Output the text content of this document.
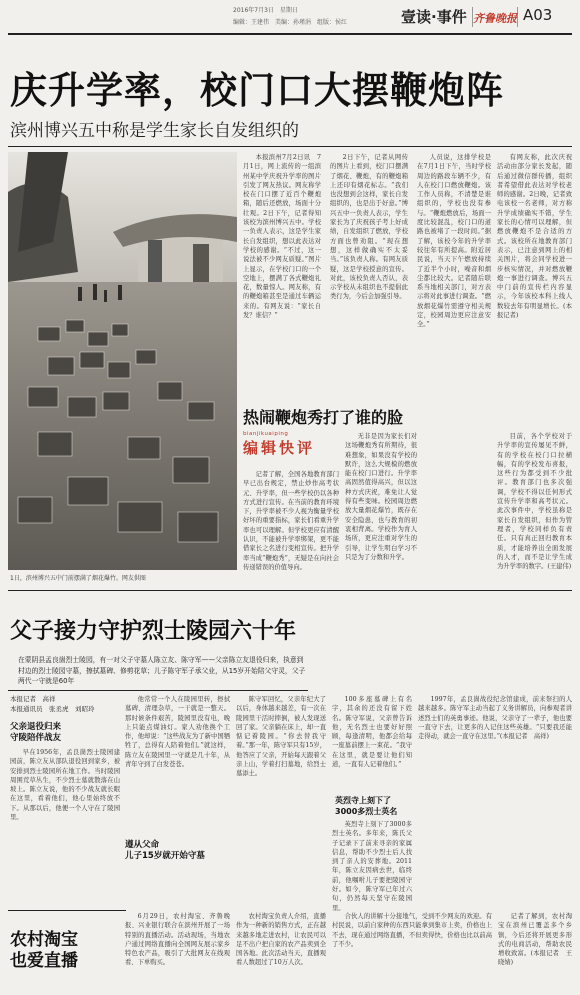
2016年7月3日　星期日
编辑：王建伟　美编：孙瑾涓　组版：侯红	壹读·事件 齐鲁晚报 A03
庆升学率，校门口大摆鞭炮阵
滨州博兴五中称是学生家长自发组织的
1日，滨州博兴五中门前摆满了烟花爆竹。网友供图

本报滨州7月2日讯　7月1日，网上流传的一组滨州某中学庆祝升学率的图片引发了网友热议。网友称学校在门口摆了近百个鞭炮箱，随后还燃放，场面十分壮观。2日下午，记者得知该校为滨州博兴五中。学校一负责人表示，这是学生家长自发组织，想以此表达对学校的感谢。“不过，这一说法被不少网友质疑。”图片上显示，在学校门口的一个空地上，摆满了各式鞭炮礼花，数量惊人。网友称，有的鞭炮箱甚至是通过车辆运来的。有网友说：“家长自发？谁信？”

2日下午，记者从网传的图片上看到，校门口摆满了烟花、鞭炮，有的鞭炮箱上还印有烟花标志。“我们也没想到会这样，家长自发组织的，也是出于好意。”博兴五中一负责人表示，学生家长为了庆祝孩子考上好成绩，自发组织了燃放，学校方面也曾劝阻。“现在想想，这样做确实不太妥当。”该负责人称。有网友质疑，这是学校授意的宣传。对此，该校负责人否认，表示学校从未组织也不提倡此类行为，今后会加强引导。

人员说，这排学校是在7月1日下午，当时学校周边的路段车辆不少，有人在校门口燃放鞭炮。该工作人员称，不清楚是谁组织的，学校也没有参与。“鞭炮燃放后，场面一度比较混乱，校门口的道路也被堵了一段时间。”据了解，该校今年的升学率较往年有所提高。附近居民说，当天下午燃放持续了近半个小时，噪音和烟尘都比较大。记者随后联系当地相关部门，对方表示将对此事进行调查。“燃放烟花爆竹需遵守相关规定，校园周边更应注意安全。”

有网友称，此次庆祝活动由部分家长发起，随后通过微信群传播，组织者希望借此表达对学校老师的感谢。2日晚，记者致电该校一名老师，对方称升学成绩确实不错，学生家长的心情可以理解，但燃放鞭炮不是合适的方式。该校所在地教育部门表示，已注意到网上的相关图片，将会同学校进一步核实情况，并对燃放鞭炮一事进行调查。博兴五中门前的宣传栏内容显示，今年该校本科上线人数较去年有明显增长。(本报记者)

热闹鞭炮秀打了谁的脸
bianjikuaiping
编辑快评

无非是因为家长们对这场鞭炮秀有所期待，很难想象，如果没有学校的默许，这么大规模的燃放能在校门口进行。升学率高固然值得高兴，但以这种方式庆祝，难免让人觉得有些变味。校园周边燃放大量烟花爆竹，既存在安全隐患，也与教育的初衷相背离。学校作为育人场所，更应注重对学生的引导，让学生明白学习不只是为了分数和升学。

记者了解，全国各地教育部门早已出台规定，禁止炒作高考状元、升学率，但一些学校仍以各种方式进行宣传。在当前的教育环境下，升学率被不少人视为衡量学校好坏的重要指标，家长们看重升学率也可以理解。但学校更应有清醒认识，不能被升学率绑架，更不能借家长之名进行变相宣传。把升学率当成“鞭炮秀”，无疑是在向社会传递错误的价值导向。

目前，各个学校对于升学率的宣传屡见不鲜，有的学校在校门口拉横幅，有的学校发布喜报，这些行为都受到不少批评。教育部门也多次强调，学校不得以任何形式宣传升学率和高考状元。此次事件中，学校虽称是家长自发组织，但作为管理者，学校同样负有责任。只有真正回归教育本质，才能培养出全面发展的人才，而不是让学生成为升学率的数字。(王建伟)

父子接力守护烈士陵园六十年
在蒙阴县孟良崮烈士陵园，有一对父子守墓人陈立友、陈守军——父亲陈立友退役归来，执意到村边的烈士陵园守墓，擦拭墓碑、修剪花草；儿子陈守军子承父业，从15岁开始陪父守灵，父子两代一守就是60年
本报记者　高祥
本报通讯员　张丞虎　刘昭玲
父亲退役归来
守陵陪伴战友

早在1956年，孟良崮烈士陵园建园前，陈立友从部队退役回到家乡，被安排到烈士陵园所在地工作。当时陵园周围荒草丛生，不少烈士墓就散落在山坡上。陈立友说，他的不少战友就长眠在这里，看着他们，他心里始终放不下。从那以后，他便一个人守在了陵园里。

他常常一个人在陵园里转，擦拭墓碑、清理杂草，一干就是一整天。那时候条件艰苦，陵园里没有电，晚上只能点煤油灯。家人劝他换个工作，他却说：“这些战友为了新中国牺牲了，总得有人陪着他们。”就这样，陈立友在陵园里一守就是几十年，从青年守到了白发苍苍。

遵从父命
儿子15岁就开始守墓

陈守军回忆，父亲年纪大了以后，身体越来越差，有一次在陵园里干活时摔倒，被人发现送回了家。父亲躺在床上，却一直惦记着陵园。“你去替我守着。”那一年，陈守军只有15岁，他答应了父亲，开始每天跟着父亲上山，学着打扫墓地，给烈士墓添土。

100多座墓碑上有名字，其余的还没有留下姓名。陈守军说，父亲曾告诉他，无名烈士也要好好照顾，每逢清明，他都会给每一座墓前摆上一束花。“我守在这里，就是要让他们知道，一直有人记着他们。”

英烈寺上刻下了
3000多烈士英名

英烈寺上刻下了3000多烈士英名。多年来，陈氏父子记录下了前来寻亲的家属信息，帮助不少烈士后人找到了亲人的安葬地。2011年，陈立友因病去世，临终前，他嘱咐儿子要把陵园守好。如今，陈守军已年过六旬，仍然每天坚守在陵园里。

1997年，孟良崮战役纪念馆建成，前来祭扫的人越来越多。陈守军主动当起了义务讲解员，向参观者讲述烈士们的英勇事迹。他说，父亲守了一辈子，他也要一直守下去，让更多的人记住这些英雄。“只要我还能走得动，就会一直守在这里。”(本报记者　高祥)

农村淘宝
也爱直播

6月29日，农村淘宝、齐鲁晚报、兴业银行联合在滨州开展了一场特别的直播活动。活动现场，当地农户通过网络直播向全国网友展示家乡特色农产品，吸引了大批网友在线观看、下单购买。

农村淘宝负责人介绍，直播作为一种新的销售方式，正在越来越多地走进农村，让农民可以足不出户把自家的农产品卖到全国各地。此次活动当天，直播观看人数超过了10万人次。

合伙人的讲解十分接地气，受到不少网友的欢迎。有村民说，以前自家种的东西只能拿到集市上卖，价格也上不去，现在通过网络直播，不但卖得快，价格也比以前高了不少。

记者了解到，农村淘宝在滨州已覆盖多个乡镇，今后还将开展更多形式的电商活动，帮助农民增收致富。(本报记者　王晓婧)
